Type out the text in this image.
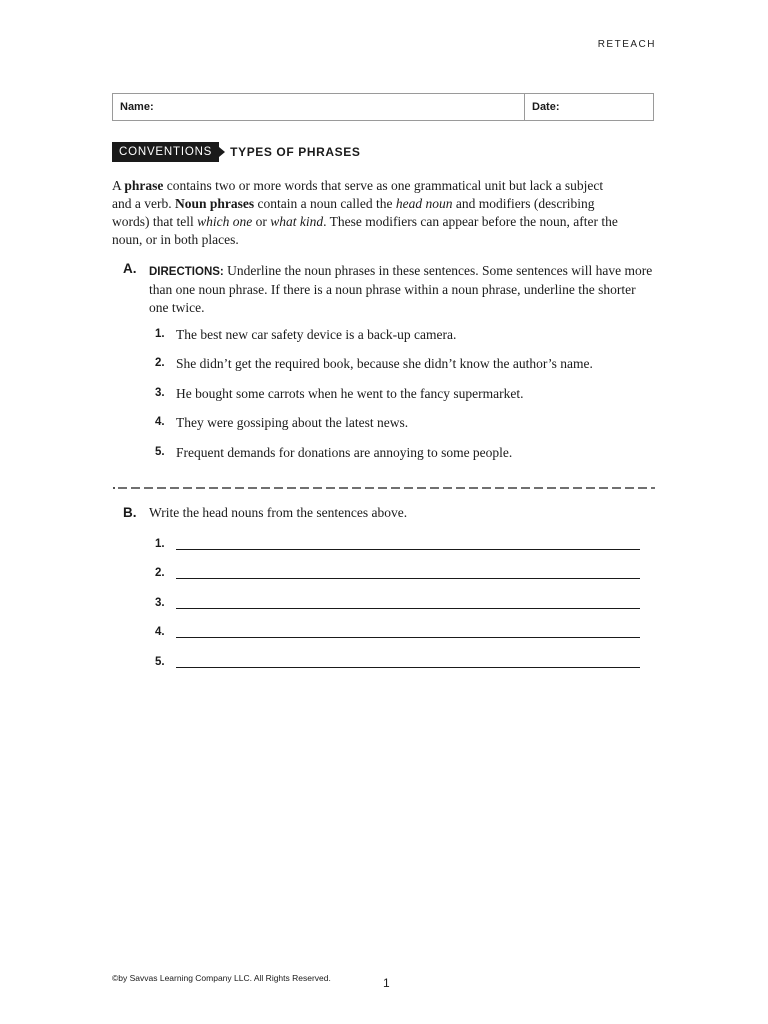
RETEACH
Name:	Date:
CONVENTIONS	TYPES OF PHRASES
A phrase contains two or more words that serve as one grammatical unit but lack a subject and a verb. Noun phrases contain a noun called the head noun and modifiers (describing words) that tell which one or what kind. These modifiers can appear before the noun, after the noun, or in both places.
A. DIRECTIONS: Underline the noun phrases in these sentences. Some sentences will have more than one noun phrase. If there is a noun phrase within a noun phrase, underline the shorter one twice.
1. The best new car safety device is a back-up camera.
2. She didn’t get the required book, because she didn’t know the author’s name.
3. He bought some carrots when he went to the fancy supermarket.
4. They were gossiping about the latest news.
5. Frequent demands for donations are annoying to some people.
B. Write the head nouns from the sentences above.
1.
2.
3.
4.
5.
©by Savvas Learning Company LLC. All Rights Reserved.	1
